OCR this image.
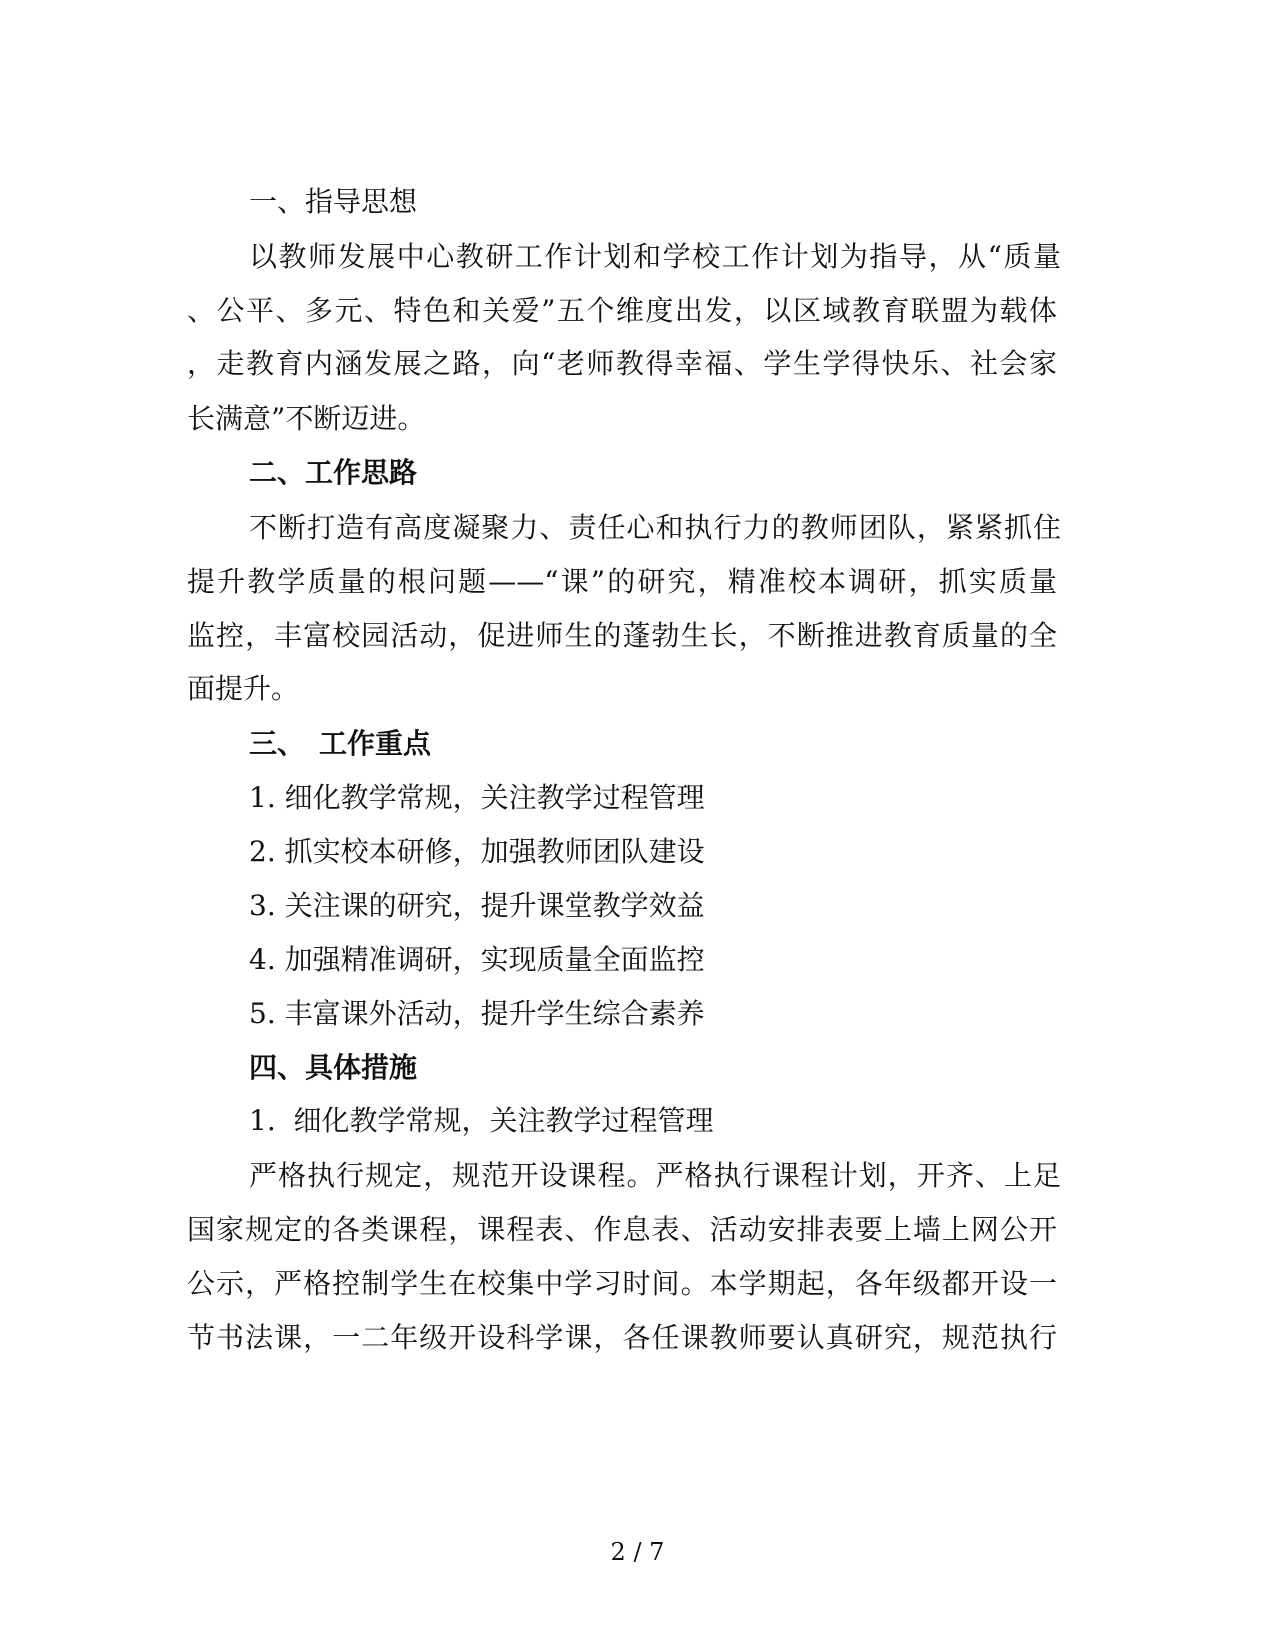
一、指导思想
以教师发展中心教研工作计划和学校工作计划为指导，从“质量
、公平、多元、特色和关爱”五个维度出发，以区域教育联盟为载体
，走教育内涵发展之路，向“老师教得幸福、学生学得快乐、社会家
长满意”不断迈进。
二、工作思路
不断打造有高度凝聚力、责任心和执行力的教师团队，紧紧抓住
提升教学质量的根问题——“课”的研究，精准校本调研，抓实质量
监控，丰富校园活动，促进师生的蓬勃生长，不断推进教育质量的全
面提升。
三、　工作重点
1. 细化教学常规，关注教学过程管理
2. 抓实校本研修，加强教师团队建设
3. 关注课的研究，提升课堂教学效益
4. 加强精准调研，实现质量全面监控
5. 丰富课外活动，提升学生综合素养
四、具体措施
1.  细化教学常规，关注教学过程管理
严格执行规定，规范开设课程。严格执行课程计划，开齐、上足
国家规定的各类课程，课程表、作息表、活动安排表要上墙上网公开
公示，严格控制学生在校集中学习时间。本学期起，各年级都开设一
节书法课，一二年级开设科学课，各任课教师要认真研究，规范执行
2 / 7
